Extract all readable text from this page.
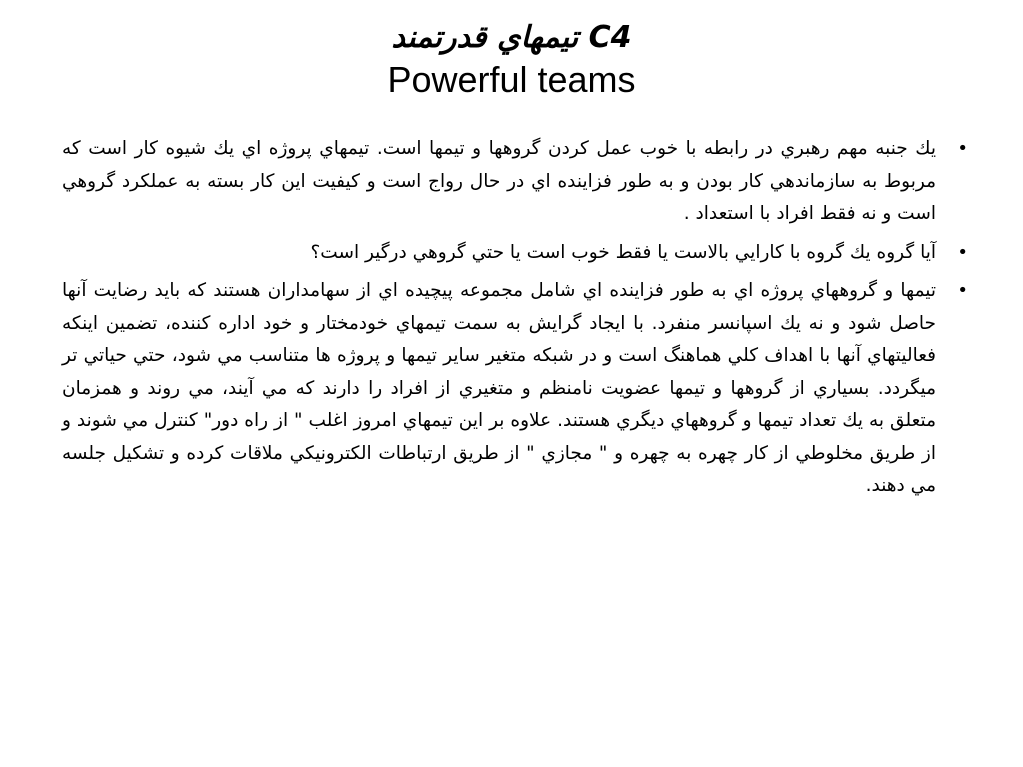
C4 تيمهاي قدرتمند
Powerful teams
•
يك جنبه مهم رهبري در رابطه با خوب عمل كردن گروهها و تيمها است. تيمهاي پروژه اي يك شيوه كار است كه مربوط به سازماندهي كار بودن و به طور فزاينده اي در حال رواج است و كيفيت اين كار بسته به عملكرد گروهي است و نه فقط افراد با استعداد .
•
آيا گروه يك گروه با كارايي بالاست يا فقط خوب است يا حتي گروهي درگير است؟
•
تيمها و گروههاي پروژه اي به طور فزاينده اي شامل مجموعه پيچيده اي از سهامداران هستند كه بايد رضايت آنها حاصل شود و نه يك اسپانسر منفرد. با ايجاد گرايش به سمت تيمهاي خودمختار و خود اداره كننده، تضمين اينكه فعاليتهاي آنها با اهداف كلي هماهنگ است و در شبكه متغير ساير تيمها و پروژه ها متناسب مي شود، حتي حياتي تر ميگردد. بسياري از گروهها و تيمها عضويت نامنظم و متغيري از افراد را دارند كه مي آيند، مي روند و همزمان متعلق به يك تعداد تيمها و گروههاي ديگري هستند. علاوه بر اين تيمهاي امروز اغلب " از راه دور" كنترل مي شوند و از طريق مخلوطي از كار چهره به چهره و " مجازي " از طريق ارتباطات الكترونيكي ملاقات كرده و تشكيل جلسه مي دهند.
